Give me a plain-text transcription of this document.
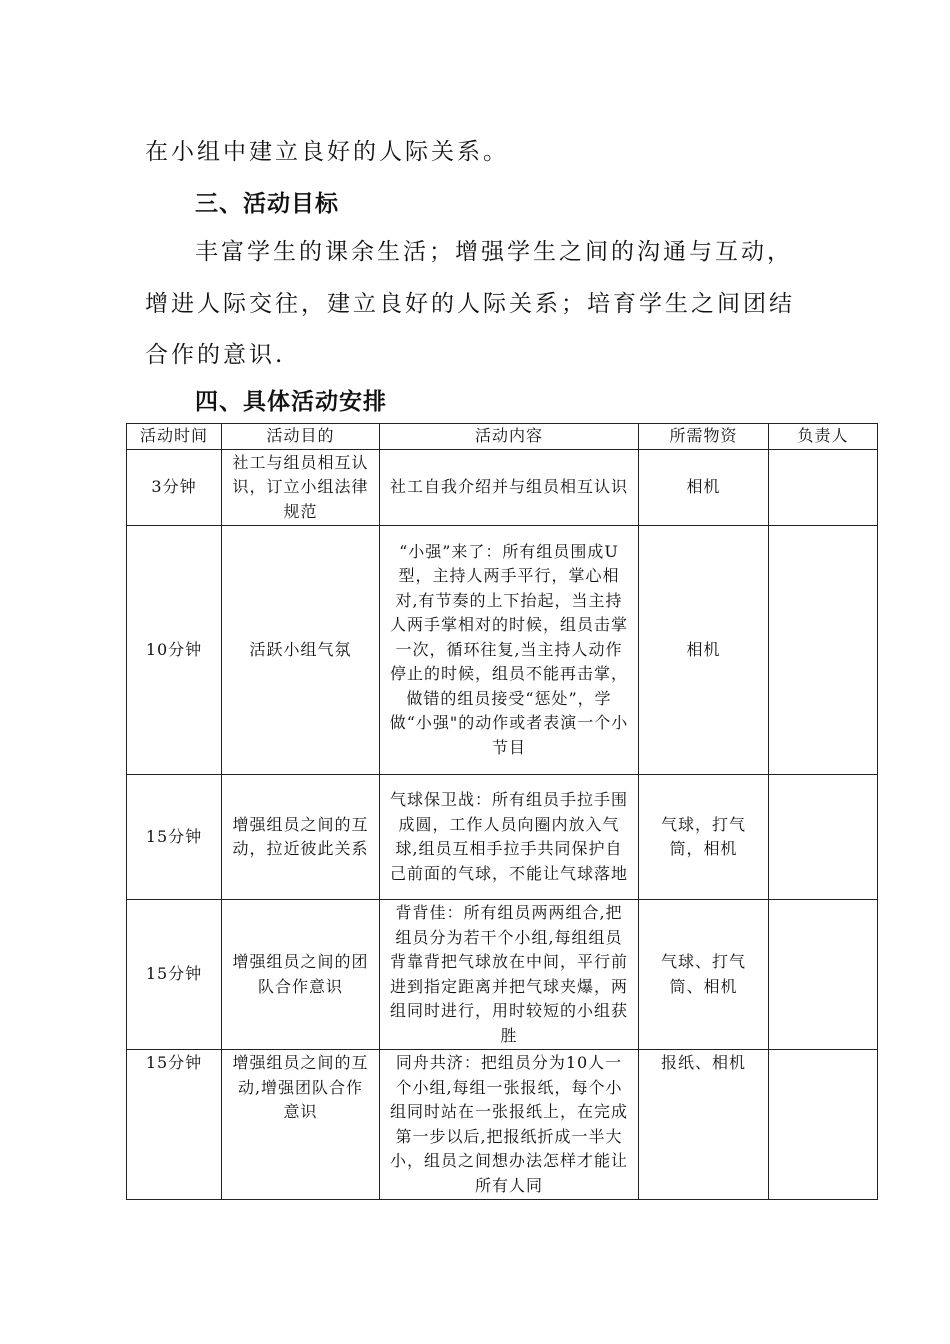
在小组中建立良好的人际关系。
三、活动目标
丰富学生的课余生活；增强学生之间的沟通与互动，
增进人际交往，建立良好的人际关系；培育学生之间团结
合作的意识.
四、具体活动安排
活动时间	活动目的	活动内容	所需物资	负责人
3分钟	社工与组员相互认识，订立小组法律规范	社工自我介绍并与组员相互认识	相机	
10分钟	活跃小组气氛	“小强”来了：所有组员围成U型，主持人两手平行，掌心相对,有节奏的上下抬起，当主持人两手掌相对的时候，组员击掌一次，循环往复,当主持人动作停止的时候，组员不能再击掌，做错的组员接受“惩处”，学做“小强"的动作或者表演一个小节目	相机	
15分钟	增强组员之间的互动，拉近彼此关系	气球保卫战：所有组员手拉手围成圆，工作人员向圈内放入气球,组员互相手拉手共同保护自己前面的气球，不能让气球落地	气球，打气筒，相机	
15分钟	增强组员之间的团队合作意识	背背佳：所有组员两两组合,把组员分为若干个小组,每组组员背靠背把气球放在中间，平行前进到指定距离并把气球夹爆，两组同时进行，用时较短的小组获胜	气球、打气筒、相机	
15分钟	增强组员之间的互动,增强团队合作意识	同舟共济：把组员分为10人一个小组,每组一张报纸，每个小组同时站在一张报纸上，在完成第一步以后,把报纸折成一半大小，组员之间想办法怎样才能让所有人同	报纸、相机	
